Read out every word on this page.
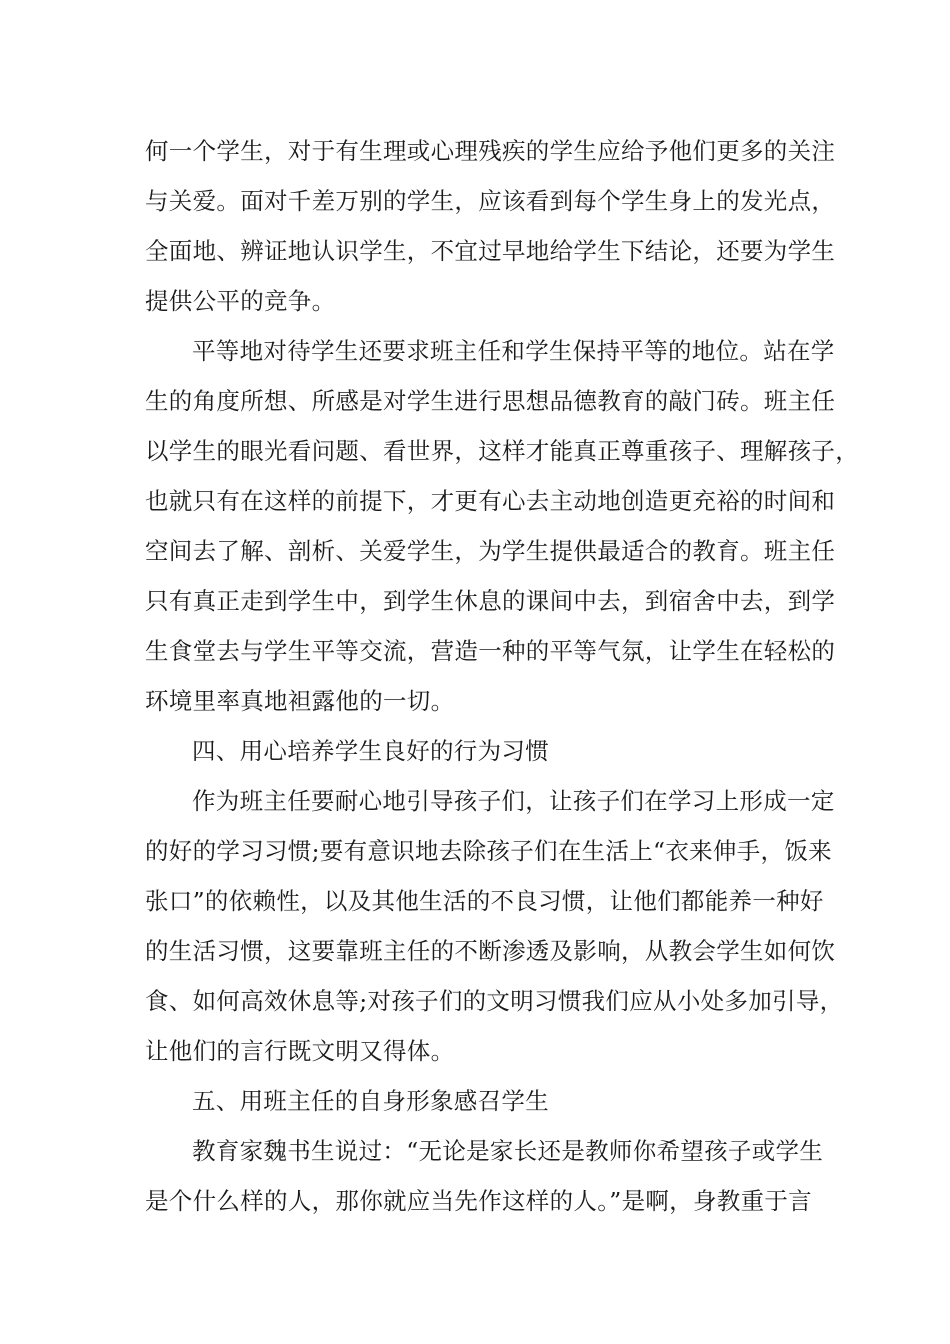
何一个学生，对于有生理或心理残疾的学生应给予他们更多的关注
与关爱。面对千差万别的学生，应该看到每个学生身上的发光点，
全面地、辨证地认识学生，不宜过早地给学生下结论，还要为学生
提供公平的竞争。
平等地对待学生还要求班主任和学生保持平等的地位。站在学
生的角度所想、所感是对学生进行思想品德教育的敲门砖。班主任
以学生的眼光看问题、看世界，这样才能真正尊重孩子、理解孩子，
也就只有在这样的前提下，才更有心去主动地创造更充裕的时间和
空间去了解、剖析、关爱学生，为学生提供最适合的教育。班主任
只有真正走到学生中，到学生休息的课间中去，到宿舍中去，到学
生食堂去与学生平等交流，营造一种的平等气氛，让学生在轻松的
环境里率真地袒露他的一切。
四、用心培养学生良好的行为习惯
作为班主任要耐心地引导孩子们，让孩子们在学习上形成一定
的好的学习习惯;要有意识地去除孩子们在生活上“衣来伸手，饭来
张口”的依赖性，以及其他生活的不良习惯，让他们都能养一种好
的生活习惯，这要靠班主任的不断渗透及影响，从教会学生如何饮
食、如何高效休息等;对孩子们的文明习惯我们应从小处多加引导，
让他们的言行既文明又得体。
五、用班主任的自身形象感召学生
教育家魏书生说过：“无论是家长还是教师你希望孩子或学生
是个什么样的人，那你就应当先作这样的人。”是啊，身教重于言
